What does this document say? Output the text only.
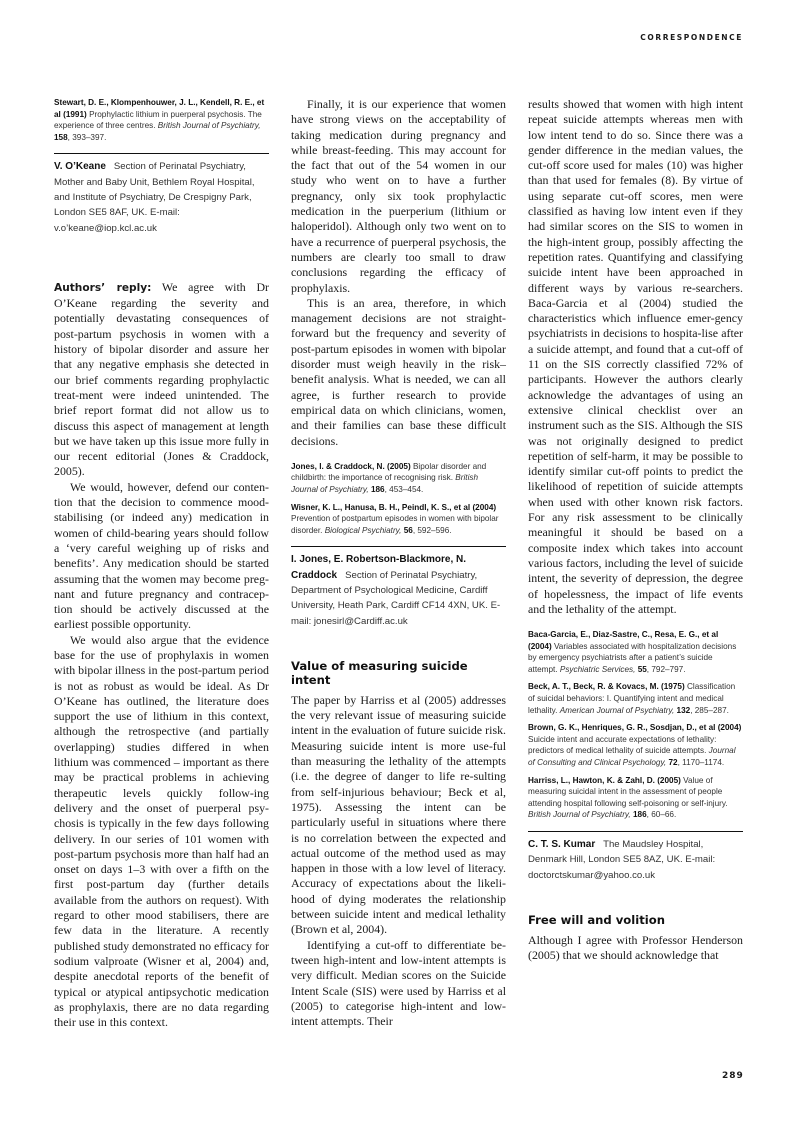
CORRESPONDENCE

Stewart, D. E., Klompenhouwer, J. L., Kendell, R. E., et al (1991) Prophylactic lithium in puerperal psychosis. The experience of three centres. British Journal of Psychiatry, 158, 393–397.

V. O’Keane Section of Perinatal Psychiatry, Mother and Baby Unit, Bethlem Royal Hospital, and Institute of Psychiatry, De Crespigny Park, London SE5 8AF, UK. E-mail: v.o’keane@iop.kcl.ac.uk

Authors’ reply: We agree with Dr O’Keane regarding the severity and potentially devastating consequences of post-partum psychosis in women with a history of bipolar disorder and assure her that any negative emphasis she detected in our brief comments regarding prophylactic treat-ment were indeed unintended. The brief report format did not allow us to discuss this aspect of management at length but we have taken up this issue more fully in our recent editorial (Jones & Craddock, 2005).

We would, however, defend our conten-tion that the decision to commence mood-stabilising (or indeed any) medication in women of child-bearing years should follow a ‘very careful weighing up of risks and benefits’. Any medication should be started assuming that the women may become preg-nant and future pregnancy and contracep-tion should be actively discussed at the earliest possible opportunity.

We would also argue that the evidence base for the use of prophylaxis in women with bipolar illness in the post-partum period is not as robust as would be ideal. As Dr O’Keane has outlined, the literature does support the use of lithium in this context, although the retrospective (and partially overlapping) studies differed in when lithium was commenced – important as there may be practical problems in achieving therapeutic levels quickly follow-ing delivery and the onset of puerperal psy-chosis is typically in the few days following delivery. In our series of 101 women with post-partum psychosis more than half had an onset on days 1–3 with over a fifth on the first post-partum day (further details available from the authors on request). With regard to other mood stabilisers, there are few data in the literature. A recently published study demonstrated no efficacy for sodium valproate (Wisner et al, 2004) and, despite anecdotal reports of the benefit of typical or atypical antipsychotic medication as prophylaxis, there are no data regarding their use in this context.

Finally, it is our experience that women have strong views on the acceptability of taking medication during pregnancy and while breast-feeding. This may account for the fact that out of the 54 women in our study who went on to have a further pregnancy, only six took prophylactic medication in the puerperium (lithium or haloperidol). Although only two went on to have a recurrence of puerperal psychosis, the numbers are clearly too small to draw conclusions regarding the efficacy of prophylaxis.

This is an area, therefore, in which management decisions are not straight-forward but the frequency and severity of post-partum episodes in women with bipolar disorder must weigh heavily in the risk–benefit analysis. What is needed, we can all agree, is further research to provide empirical data on which clinicians, women, and their families can base these difficult decisions.

Jones, I. & Craddock, N. (2005) Bipolar disorder and childbirth: the importance of recognising risk. British Journal of Psychiatry, 186, 453–454.

Wisner, K. L., Hanusa, B. H., Peindl, K. S., et al (2004) Prevention of postpartum episodes in women with bipolar disorder. Biological Psychiatry, 56, 592–596.

I. Jones, E. Robertson-Blackmore, N. Craddock Section of Perinatal Psychiatry, Department of Psychological Medicine, Cardiff University, Heath Park, Cardiff CF14 4XN, UK. E-mail: jonesirl@Cardiff.ac.uk

Value of measuring suicide intent

The paper by Harriss et al (2005) addresses the very relevant issue of measuring suicide intent in the evaluation of future suicide risk. Measuring suicide intent is more use-ful than measuring the lethality of the attempts (i.e. the degree of danger to life re-sulting from self-injurious behaviour; Beck et al, 1975). Assessing the intent can be particularly useful in situations where there is no correlation between the expected and actual outcome of the method used as may happen in those with a low level of literacy. Accuracy of expectations about the likeli-hood of dying moderates the relationship between suicide intent and medical lethality (Brown et al, 2004).

Identifying a cut-off to differentiate be-tween high-intent and low-intent attempts is very difficult. Median scores on the Suicide Intent Scale (SIS) were used by Harriss et al (2005) to categorise high-intent and low-intent attempts. Their

results showed that women with high intent repeat suicide attempts whereas men with low intent tend to do so. Since there was a gender difference in the median values, the cut-off score used for males (10) was higher than that used for females (8). By virtue of using separate cut-off scores, men were classified as having low intent even if they had similar scores on the SIS to women in the high-intent group, possibly affecting the repetition rates. Quantifying and classifying suicide intent have been approached in different ways by various re-searchers. Baca-Garcia et al (2004) studied the characteristics which influence emer-gency psychiatrists in decisions to hospita-lise after a suicide attempt, and found that a cut-off of 11 on the SIS correctly classified 72% of participants. However the authors clearly acknowledge the advantages of using an extensive clinical checklist over an instrument such as the SIS. Although the SIS was not originally designed to predict repetition of self-harm, it may be possible to identify similar cut-off points to predict the likelihood of repetition of suicide attempts when used with other known risk factors. For any risk assessment to be clinically meaningful it should be based on a composite index which takes into account various factors, including the level of suicide intent, the severity of depression, the degree of hopelessness, the impact of life events and the lethality of the attempt.

Baca-Garcia, E., Diaz-Sastre, C., Resa, E. G., et al (2004) Variables associated with hospitalization decisions by emergency psychiatrists after a patient’s suicide attempt. Psychiatric Services, 55, 792–797.

Beck, A. T., Beck, R. & Kovacs, M. (1975) Classification of suicidal behaviors: I. Quantifying intent and medical lethality. American Journal of Psychiatry, 132, 285–287.

Brown, G. K., Henriques, G. R., Sosdjan, D., et al (2004) Suicide intent and accurate expectations of lethality: predictors of medical lethality of suicide attempts. Journal of Consulting and Clinical Psychology, 72, 1170–1174.

Harriss, L., Hawton, K. & Zahl, D. (2005) Value of measuring suicidal intent in the assessment of people attending hospital following self-poisoning or self-injury. British Journal of Psychiatry, 186, 60–66.

C. T. S. Kumar The Maudsley Hospital, Denmark Hill, London SE5 8AZ, UK. E-mail: doctorctskumar@yahoo.co.uk

Free will and volition

Although I agree with Professor Henderson (2005) that we should acknowledge that

289
